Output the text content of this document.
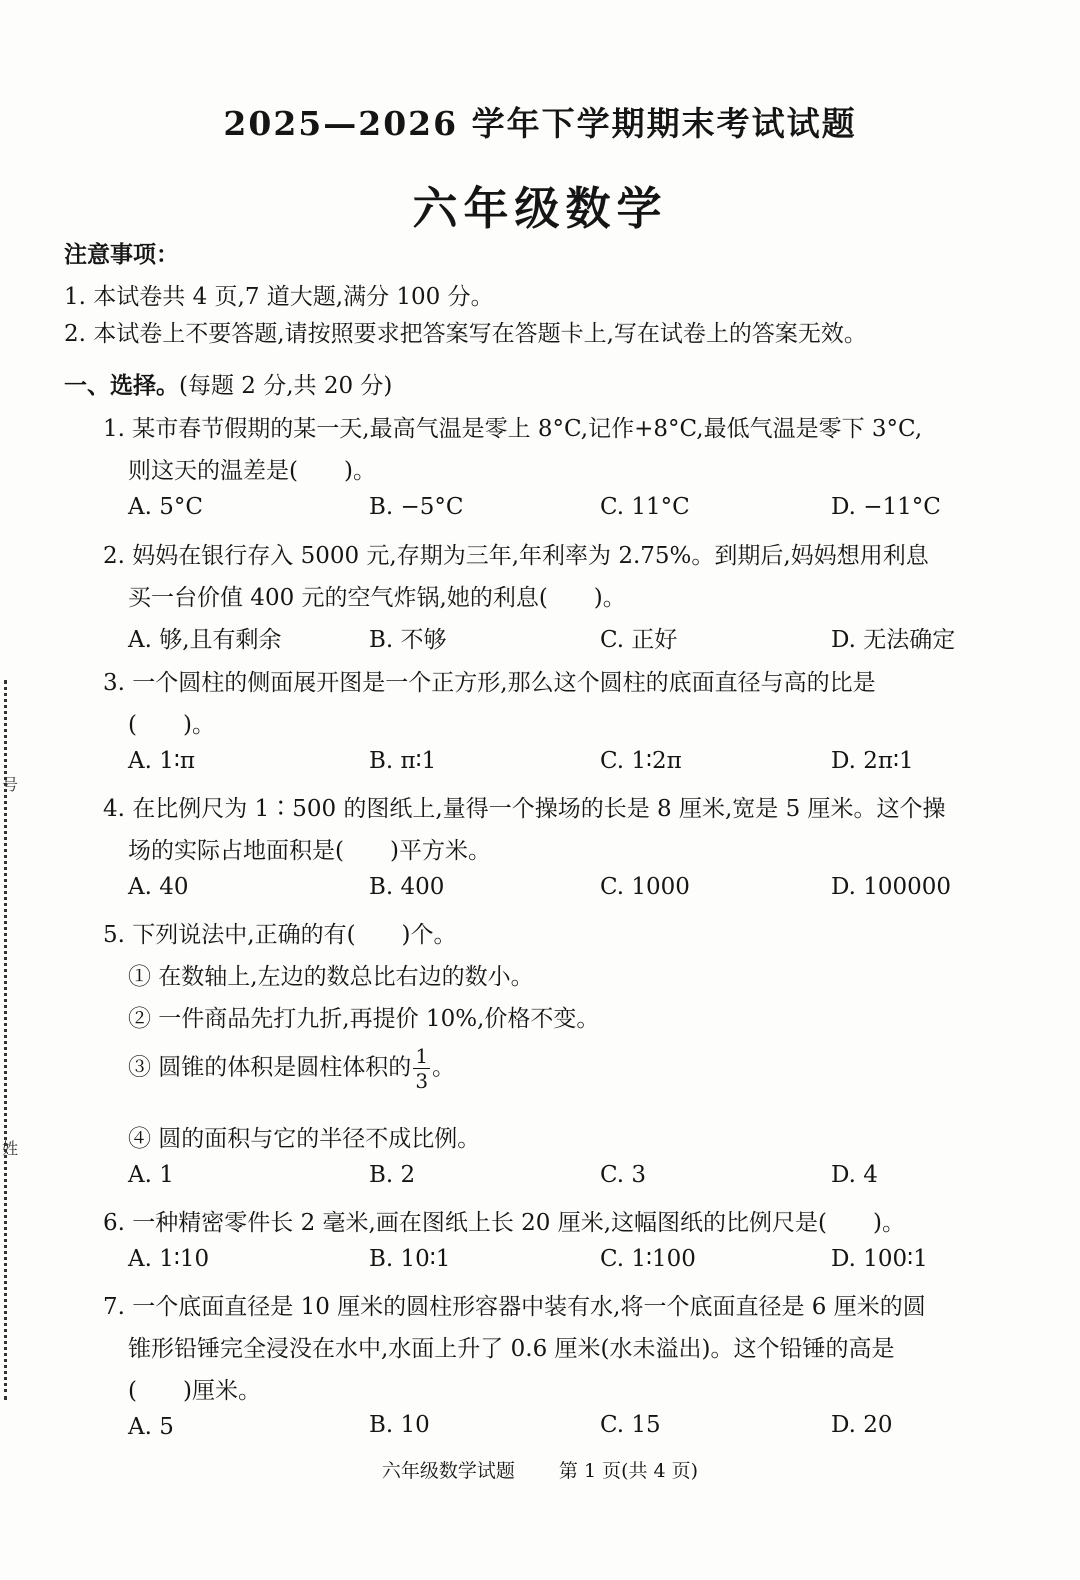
号
姓
2025—2026 学年下学期期末考试试题
六年级数学
注意事项：
1. 本试卷共 4 页,7 道大题,满分 100 分。
2. 本试卷上不要答题,请按照要求把答案写在答题卡上,写在试卷上的答案无效。
一、选择。(每题 2 分,共 20 分)
1. 某市春节假期的某一天,最高气温是零上 8°C,记作+8°C,最低气温是零下 3°C,
则这天的温差是(　　)。
A. 5°C	B. −5°C	C. 11°C	D. −11°C
2. 妈妈在银行存入 5000 元,存期为三年,年利率为 2.75%。到期后,妈妈想用利息
买一台价值 400 元的空气炸锅,她的利息(　　)。
A. 够,且有剩余	B. 不够	C. 正好	D. 无法确定
3. 一个圆柱的侧面展开图是一个正方形,那么这个圆柱的底面直径与高的比是
(　　)。
A. 1∶π	B. π∶1	C. 1∶2π	D. 2π∶1
4. 在比例尺为 1∶500 的图纸上,量得一个操场的长是 8 厘米,宽是 5 厘米。这个操
场的实际占地面积是(　　)平方米。
A. 40	B. 400	C. 1000	D. 100000
5. 下列说法中,正确的有(　　)个。
① 在数轴上,左边的数总比右边的数小。
② 一件商品先打九折,再提价 10%,价格不变。
③ 圆锥的体积是圆柱体积的 $\frac{1}{3}$ 。
④ 圆的面积与它的半径不成比例。
A. 1	B. 2	C. 3	D. 4
6. 一种精密零件长 2 毫米,画在图纸上长 20 厘米,这幅图纸的比例尺是(　　)。
A. 1∶10	B. 10∶1	C. 1∶100	D. 100∶1
7. 一个底面直径是 10 厘米的圆柱形容器中装有水,将一个底面直径是 6 厘米的圆
锥形铅锤完全浸没在水中,水面上升了 0.6 厘米(水未溢出)。这个铅锤的高是
(　　)厘米。
A. 5	B. 10	C. 15	D. 20
六年级数学试题 第 1 页(共 4 页)
